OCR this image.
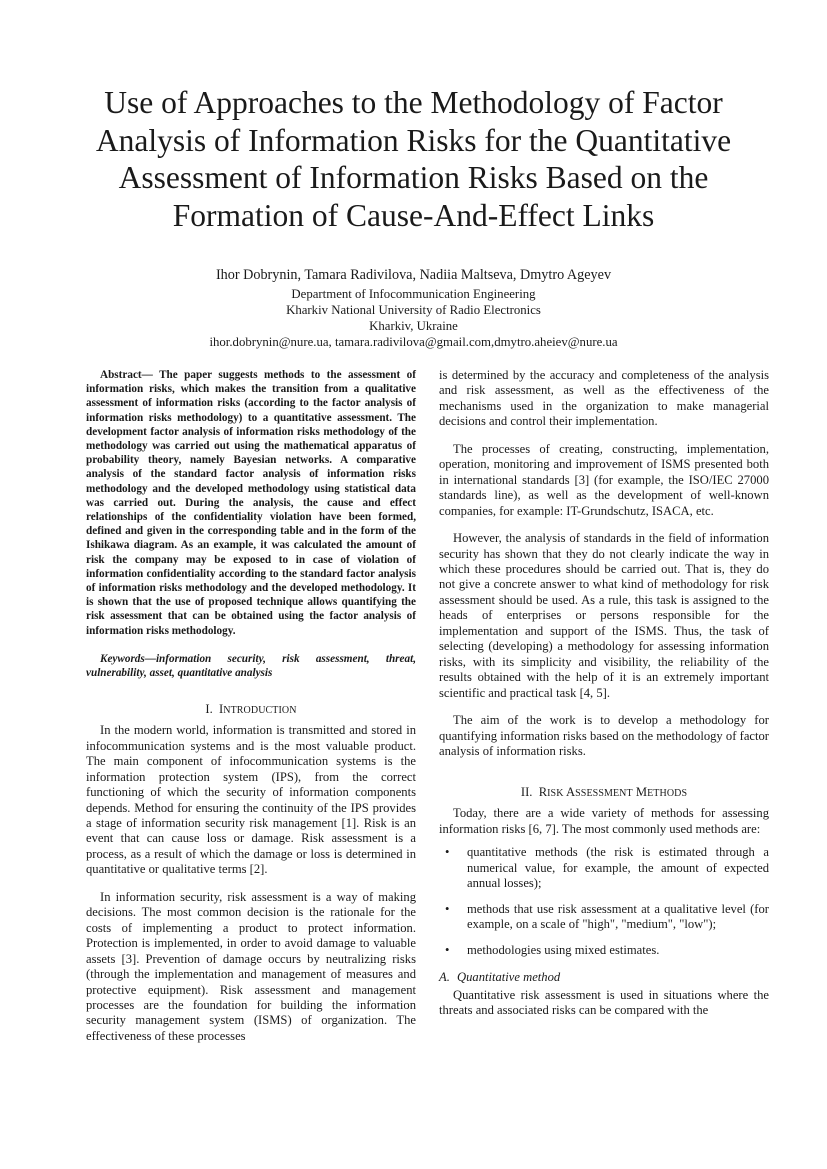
Use of Approaches to the Methodology of Factor Analysis of Information Risks for the Quantitative Assessment of Information Risks Based on the Formation of Cause-And-Effect Links
Ihor Dobrynin, Tamara Radivilova, Nadiia Maltseva, Dmytro Ageyev
Department of Infocommunication Engineering
Kharkiv National University of Radio Electronics
Kharkiv, Ukraine
ihor.dobrynin@nure.ua, tamara.radivilova@gmail.com,dmytro.aheiev@nure.ua

Abstract— The paper suggests methods to the assessment of information risks, which makes the transition from a qualitative assessment of information risks (according to the factor analysis of information risks methodology) to a quantitative assessment. The development factor analysis of information risks methodology of the methodology was carried out using the mathematical apparatus of probability theory, namely Bayesian networks. A comparative analysis of the standard factor analysis of information risks methodology and the developed methodology using statistical data was carried out. During the analysis, the cause and effect relationships of the confidentiality violation have been formed, defined and given in the corresponding table and in the form of the Ishikawa diagram. As an example, it was calculated the amount of risk the company may be exposed to in case of violation of information confidentiality according to the standard factor analysis of information risks methodology and the developed methodology. It is shown that the use of proposed technique allows quantifying the risk assessment that can be obtained using the factor analysis of information risks methodology.

Keywords—information security, risk assessment, threat, vulnerability, asset, quantitative analysis

I. INTRODUCTION

In the modern world, information is transmitted and stored in infocommunication systems and is the most valuable product. The main component of infocommunication systems is the information protection system (IPS), from the correct functioning of which the security of information components depends. Method for ensuring the continuity of the IPS provides a stage of information security risk management [1]. Risk is an event that can cause loss or damage. Risk assessment is a process, as a result of which the damage or loss is determined in quantitative or qualitative terms [2].

In information security, risk assessment is a way of making decisions. The most common decision is the rationale for the costs of implementing a product to protect information. Protection is implemented, in order to avoid damage to valuable assets [3]. Prevention of damage occurs by neutralizing risks (through the implementation and management of measures and protective equipment). Risk assessment and management processes are the foundation for building the information security management system (ISMS) of organization. The effectiveness of these processes

is determined by the accuracy and completeness of the analysis and risk assessment, as well as the effectiveness of the mechanisms used in the organization to make managerial decisions and control their implementation.

The processes of creating, constructing, implementation, operation, monitoring and improvement of ISMS presented both in international standards [3] (for example, the ISO/IEC 27000 standards line), as well as the development of well-known companies, for example: IT-Grundschutz, ISACA, etc.

However, the analysis of standards in the field of information security has shown that they do not clearly indicate the way in which these procedures should be carried out. That is, they do not give a concrete answer to what kind of methodology for risk assessment should be used. As a rule, this task is assigned to the heads of enterprises or persons responsible for the implementation and support of the ISMS. Thus, the task of selecting (developing) a methodology for assessing information risks, with its simplicity and visibility, the reliability of the results obtained with the help of it is an extremely important scientific and practical task [4, 5].

The aim of the work is to develop a methodology for quantifying information risks based on the methodology of factor analysis of information risks.

II. RISK ASSESSMENT METHODS

Today, there are a wide variety of methods for assessing information risks [6, 7]. The most commonly used methods are:

• quantitative methods (the risk is estimated through a numerical value, for example, the amount of expected annual losses);
• methods that use risk assessment at a qualitative level (for example, on a scale of "high", "medium", "low");
• methodologies using mixed estimates.
A. Quantitative method

Quantitative risk assessment is used in situations where the threats and associated risks can be compared with the
